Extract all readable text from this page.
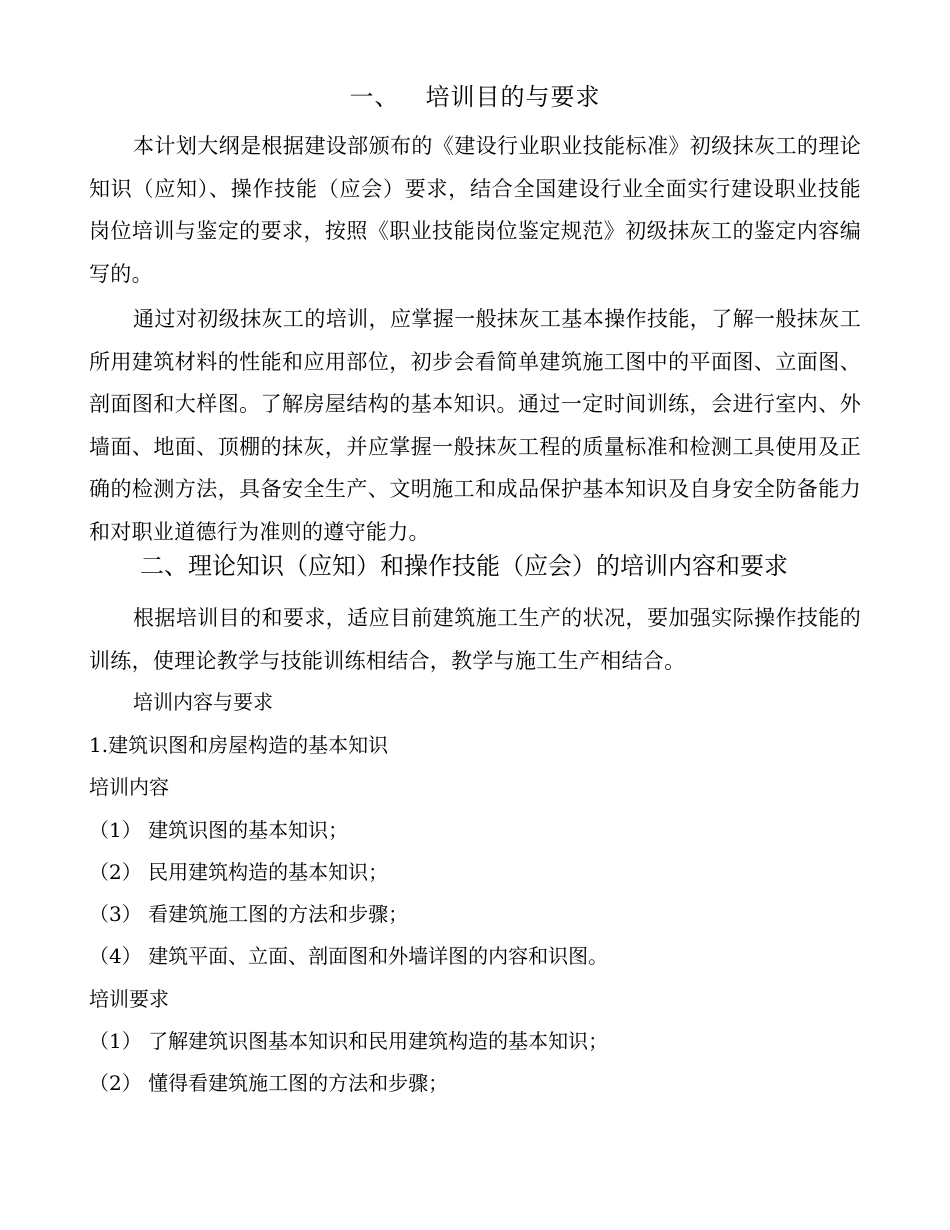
一、 培训目的与要求
本计划大纲是根据建设部颁布的《建设行业职业技能标准》初级抹灰工的理论知识（应知）、操作技能（应会）要求，结合全国建设行业全面实行建设职业技能岗位培训与鉴定的要求，按照《职业技能岗位鉴定规范》初级抹灰工的鉴定内容编写的。
通过对初级抹灰工的培训，应掌握一般抹灰工基本操作技能，了解一般抹灰工所用建筑材料的性能和应用部位，初步会看简单建筑施工图中的平面图、立面图、剖面图和大样图。了解房屋结构的基本知识。通过一定时间训练，会进行室内、外墙面、地面、顶棚的抹灰，并应掌握一般抹灰工程的质量标准和检测工具使用及正确的检测方法，具备安全生产、文明施工和成品保护基本知识及自身安全防备能力和对职业道德行为准则的遵守能力。
二、理论知识（应知）和操作技能（应会）的培训内容和要求
根据培训目的和要求，适应目前建筑施工生产的状况，要加强实际操作技能的训练，使理论教学与技能训练相结合，教学与施工生产相结合。
培训内容与要求
1.建筑识图和房屋构造的基本知识
培训内容
（1） 建筑识图的基本知识；
（2） 民用建筑构造的基本知识；
（3） 看建筑施工图的方法和步骤；
（4） 建筑平面、立面、剖面图和外墙详图的内容和识图。
培训要求
（1） 了解建筑识图基本知识和民用建筑构造的基本知识；
（2） 懂得看建筑施工图的方法和步骤；
